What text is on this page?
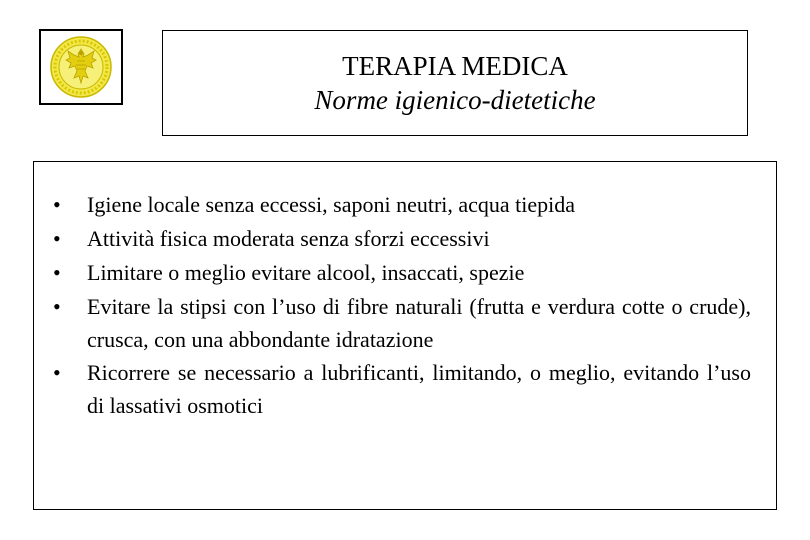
TERAPIA MEDICA
Norme igienico-dietetiche
• Igiene locale senza eccessi, saponi neutri, acqua tiepida
• Attività fisica moderata senza sforzi eccessivi
• Limitare o meglio evitare alcool, insaccati, spezie
• Evitare la stipsi con l’uso di fibre naturali (frutta e verdura cotte o crude), crusca, con una abbondante idratazione
• Ricorrere se necessario a lubrificanti, limitando, o meglio, evitando l’uso di lassativi osmotici
